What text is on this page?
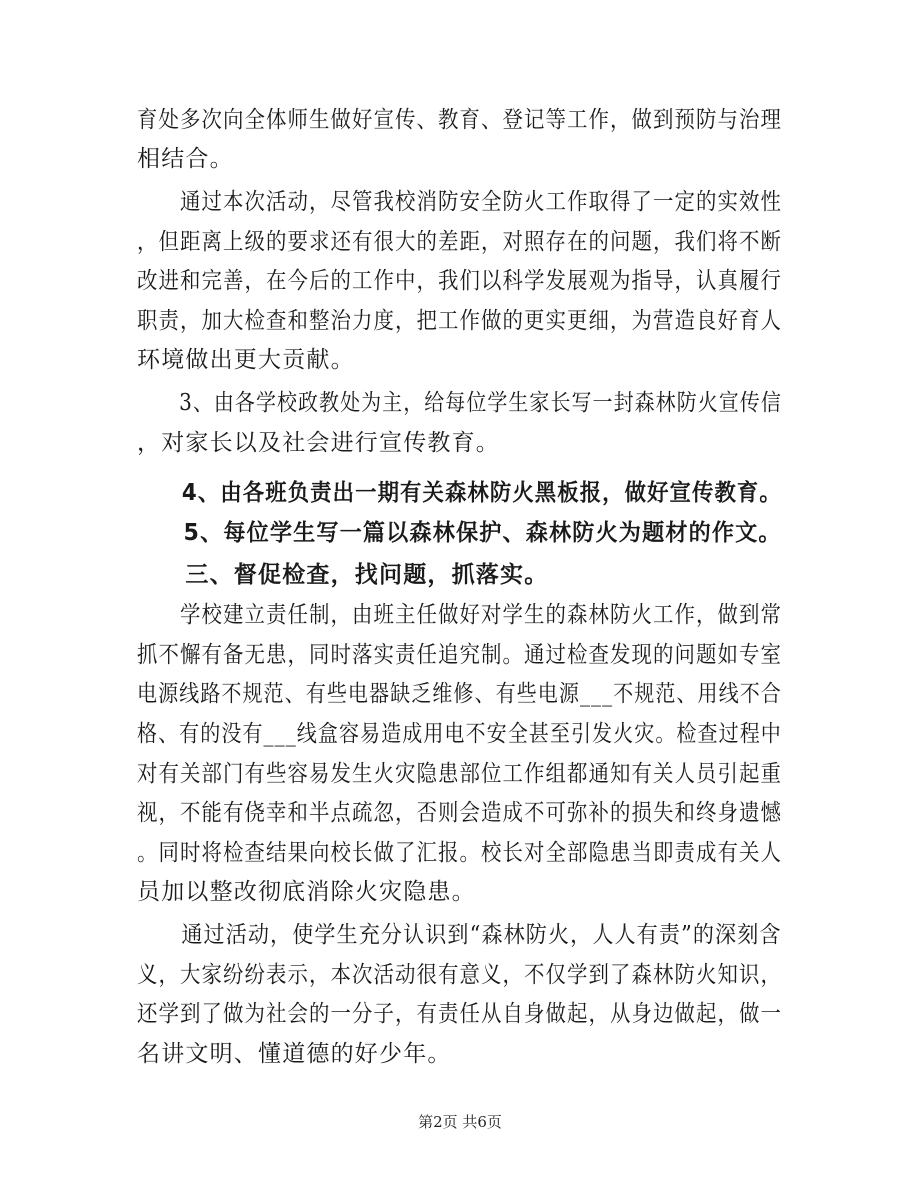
育处多次向全体师生做好宣传、教育、登记等工作，做到预防与治理
相结合。
　　通过本次活动，尽管我校消防安全防火工作取得了一定的实效性
，但距离上级的要求还有很大的差距，对照存在的问题，我们将不断
改进和完善，在今后的工作中，我们以科学发展观为指导，认真履行
职责，加大检查和整治力度，把工作做的更实更细，为营造良好育人
环境做出更大贡献。
　　3、由各学校政教处为主，给每位学生家长写一封森林防火宣传信
，对家长以及社会进行宣传教育。
　　4、由各班负责出一期有关森林防火黑板报，做好宣传教育。
　　5、每位学生写一篇以森林保护、森林防火为题材的作文。
　　三、督促检查，找问题，抓落实。
　　学校建立责任制，由班主任做好对学生的森林防火工作，做到常
抓不懈有备无患，同时落实责任追究制。通过检查发现的问题如专室
电源线路不规范、有些电器缺乏维修、有些电源___不规范、用线不合
格、有的没有___线盒容易造成用电不安全甚至引发火灾。检查过程中
对有关部门有些容易发生火灾隐患部位工作组都通知有关人员引起重
视，不能有侥幸和半点疏忽，否则会造成不可弥补的损失和终身遗憾
。同时将检查结果向校长做了汇报。校长对全部隐患当即责成有关人
员加以整改彻底消除火灾隐患。
　　通过活动，使学生充分认识到“森林防火，人人有责”的深刻含
义，大家纷纷表示，本次活动很有意义，不仅学到了森林防火知识，
还学到了做为社会的一分子，有责任从自身做起，从身边做起，做一
名讲文明、懂道德的好少年。
第2页 共6页
